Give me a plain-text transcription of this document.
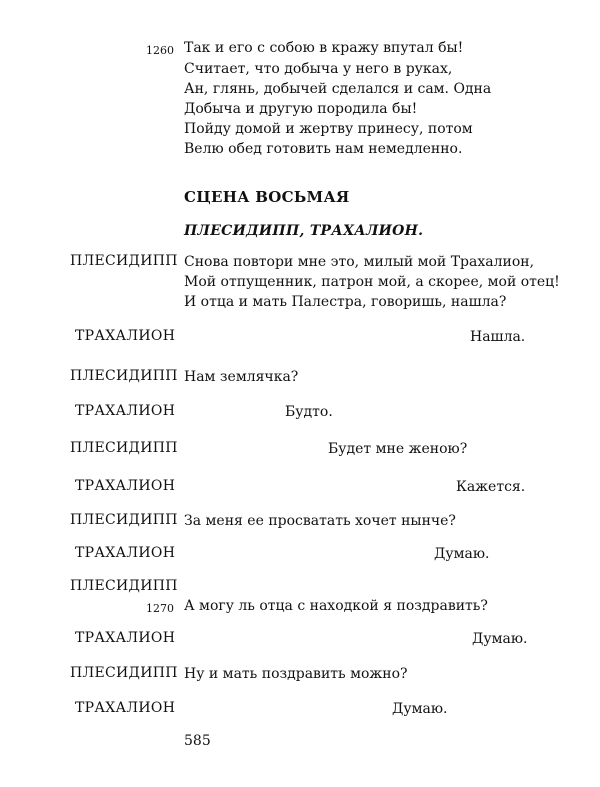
1260 Так и его с собою в кражу впутал бы!
Считает, что добыча у него в руках,
Ан, глянь, добычей сделался и сам. Одна
Добыча и другую породила бы!
Пойду домой и жертву принесу, потом
Велю обед готовить нам немедленно.
СЦЕНА ВОСЬМАЯ
ПЛЕСИДИПП, ТРАХАЛИОН.
ПЛЕСИДИПП Снова повтори мне это, милый мой Трахалион,
Мой отпущенник, патрон мой, а скорее, мой отец!
И отца и мать Палестра, говоришь, нашла?
ТРАХАЛИОН	Нашла.
ПЛЕСИДИПП Нам землячка?
ТРАХАЛИОН	Будто.
ПЛЕСИДИПП	Будет мне женою?
ТРАХАЛИОН	Кажется.
ПЛЕСИДИПП За меня ее просватать хочет нынче?
ТРАХАЛИОН	Думаю.
ПЛЕСИДИПП
1270 А могу ль отца с находкой я поздравить?
ТРАХАЛИОН	Думаю.
ПЛЕСИДИПП Ну и мать поздравить можно?
ТРАХАЛИОН	Думаю.
585
